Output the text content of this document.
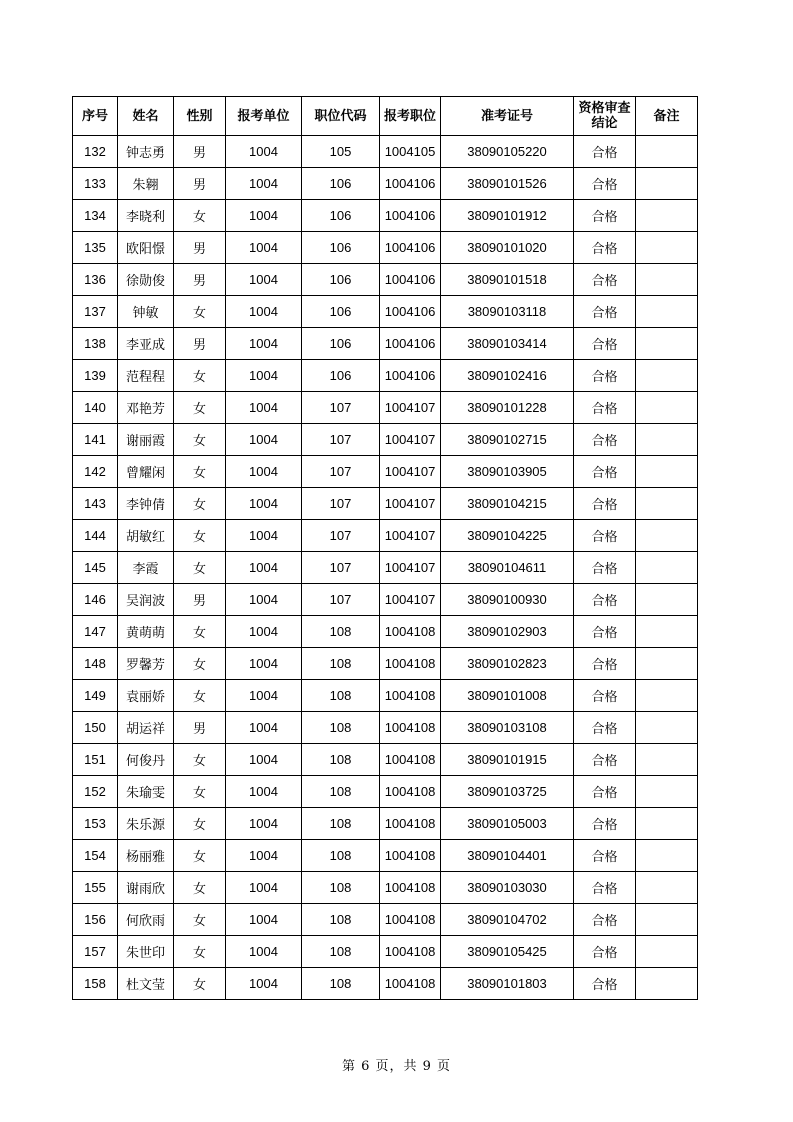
序号	姓名	性别	报考单位	职位代码	报考职位	准考证号	资格审查结论	备注
132	钟志勇	男	1004	105	1004105	38090105220	合格	
133	朱翱	男	1004	106	1004106	38090101526	合格	
134	李晓利	女	1004	106	1004106	38090101912	合格	
135	欧阳憬	男	1004	106	1004106	38090101020	合格	
136	徐勋俊	男	1004	106	1004106	38090101518	合格	
137	钟敏	女	1004	106	1004106	38090103118	合格	
138	李亚成	男	1004	106	1004106	38090103414	合格	
139	范程程	女	1004	106	1004106	38090102416	合格	
140	邓艳芳	女	1004	107	1004107	38090101228	合格	
141	谢丽霞	女	1004	107	1004107	38090102715	合格	
142	曾耀闲	女	1004	107	1004107	38090103905	合格	
143	李钟倩	女	1004	107	1004107	38090104215	合格	
144	胡敏红	女	1004	107	1004107	38090104225	合格	
145	李霞	女	1004	107	1004107	38090104611	合格	
146	吴润波	男	1004	107	1004107	38090100930	合格	
147	黄萌萌	女	1004	108	1004108	38090102903	合格	
148	罗馨芳	女	1004	108	1004108	38090102823	合格	
149	袁丽娇	女	1004	108	1004108	38090101008	合格	
150	胡运祥	男	1004	108	1004108	38090103108	合格	
151	何俊丹	女	1004	108	1004108	38090101915	合格	
152	朱瑜雯	女	1004	108	1004108	38090103725	合格	
153	朱乐源	女	1004	108	1004108	38090105003	合格	
154	杨丽雅	女	1004	108	1004108	38090104401	合格	
155	谢雨欣	女	1004	108	1004108	38090103030	合格	
156	何欣雨	女	1004	108	1004108	38090104702	合格	
157	朱世印	女	1004	108	1004108	38090105425	合格	
158	杜文莹	女	1004	108	1004108	38090101803	合格	
第 6 页，共 9 页
